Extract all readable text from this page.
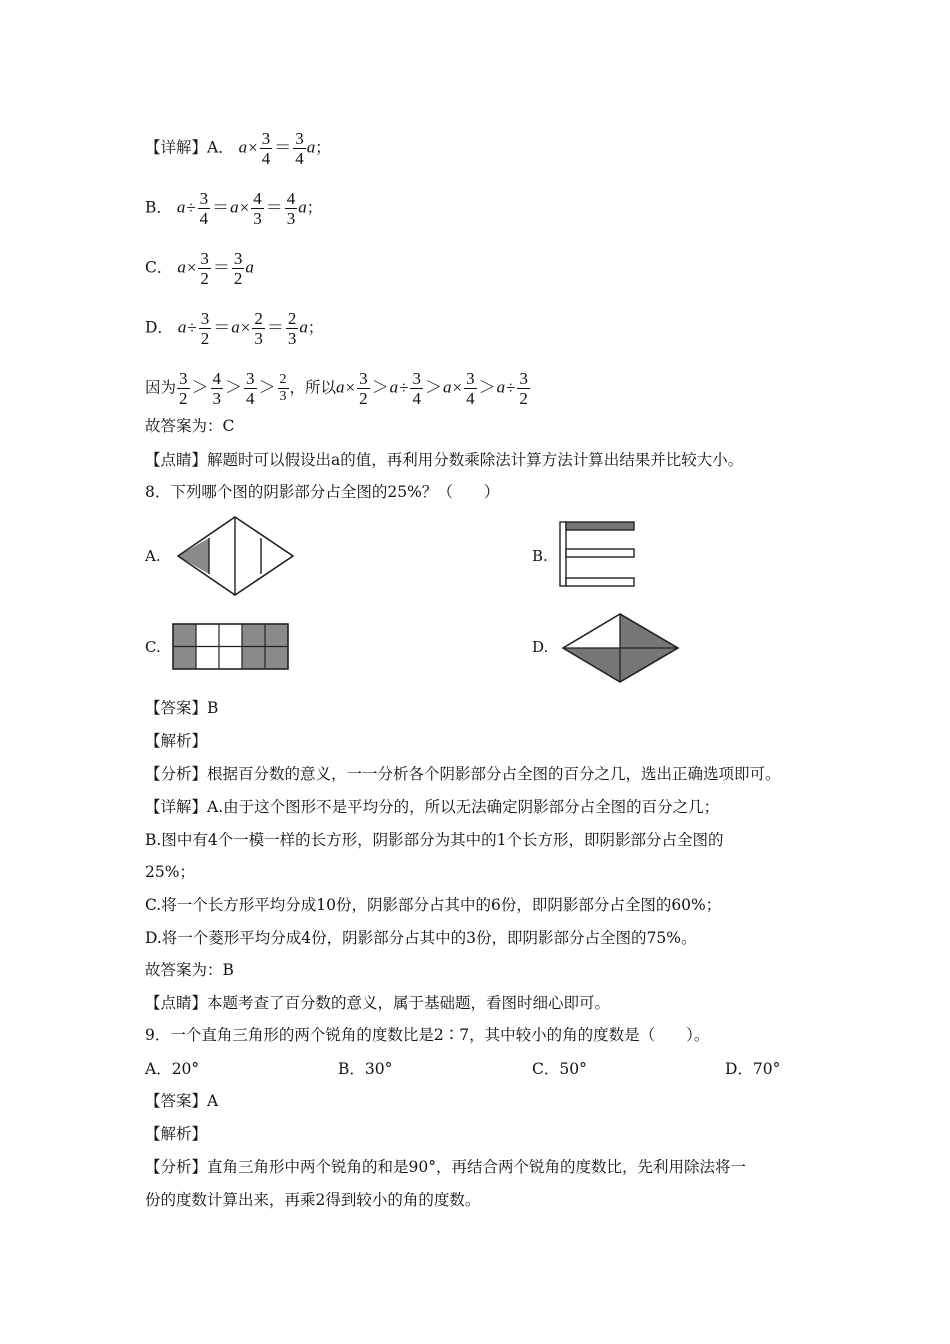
【详解】A． $a\times \frac{3}{4} = \frac{3}{4}$ a；
B． $a\div \frac{3}{4} =a\times \frac{4}{3} = \frac{4}{3}$ a；
C． $a\times \frac{3}{2} = \frac{3}{2}$ a
D． $a\div \frac{3}{2} =a\times \frac{2}{3} = \frac{2}{3}$ a；
因为 $\frac{3}{2} > \frac{4}{3} > \frac{3}{4} > \frac{2}{3}$ ，所以$a\times \frac{3}{2} >a\div \frac{3}{4} >a\times \frac{3}{4} >a\div \frac{3}{2}$
故答案为：C
【点睛】解题时可以假设出a的值，再利用分数乘除法计算方法计算出结果并比较大小。
8．下列哪个图的阴影部分占全图的25%？（　　）
A.	B.
C.	D.
【答案】B
【解析】
【分析】根据百分数的意义，一一分析各个阴影部分占全图的百分之几，选出正确选项即可。
【详解】A.由于这个图形不是平均分的，所以无法确定阴影部分占全图的百分之几；
B.图中有4个一模一样的长方形，阴影部分为其中的1个长方形，即阴影部分占全图的
25%；
C.将一个长方形平均分成10份，阴影部分占其中的6份，即阴影部分占全图的60%；
D.将一个菱形平均分成4份，阴影部分占其中的3份，即阴影部分占全图的75%。
故答案为：B
【点睛】本题考查了百分数的意义，属于基础题，看图时细心即可。
9．一个直角三角形的两个锐角的度数比是2∶7，其中较小的角的度数是（　　）。
A．20°	B．30°	C．50°	D．70°
【答案】A
【解析】
【分析】直角三角形中两个锐角的和是90°，再结合两个锐角的度数比，先利用除法将一
份的度数计算出来，再乘2得到较小的角的度数。
